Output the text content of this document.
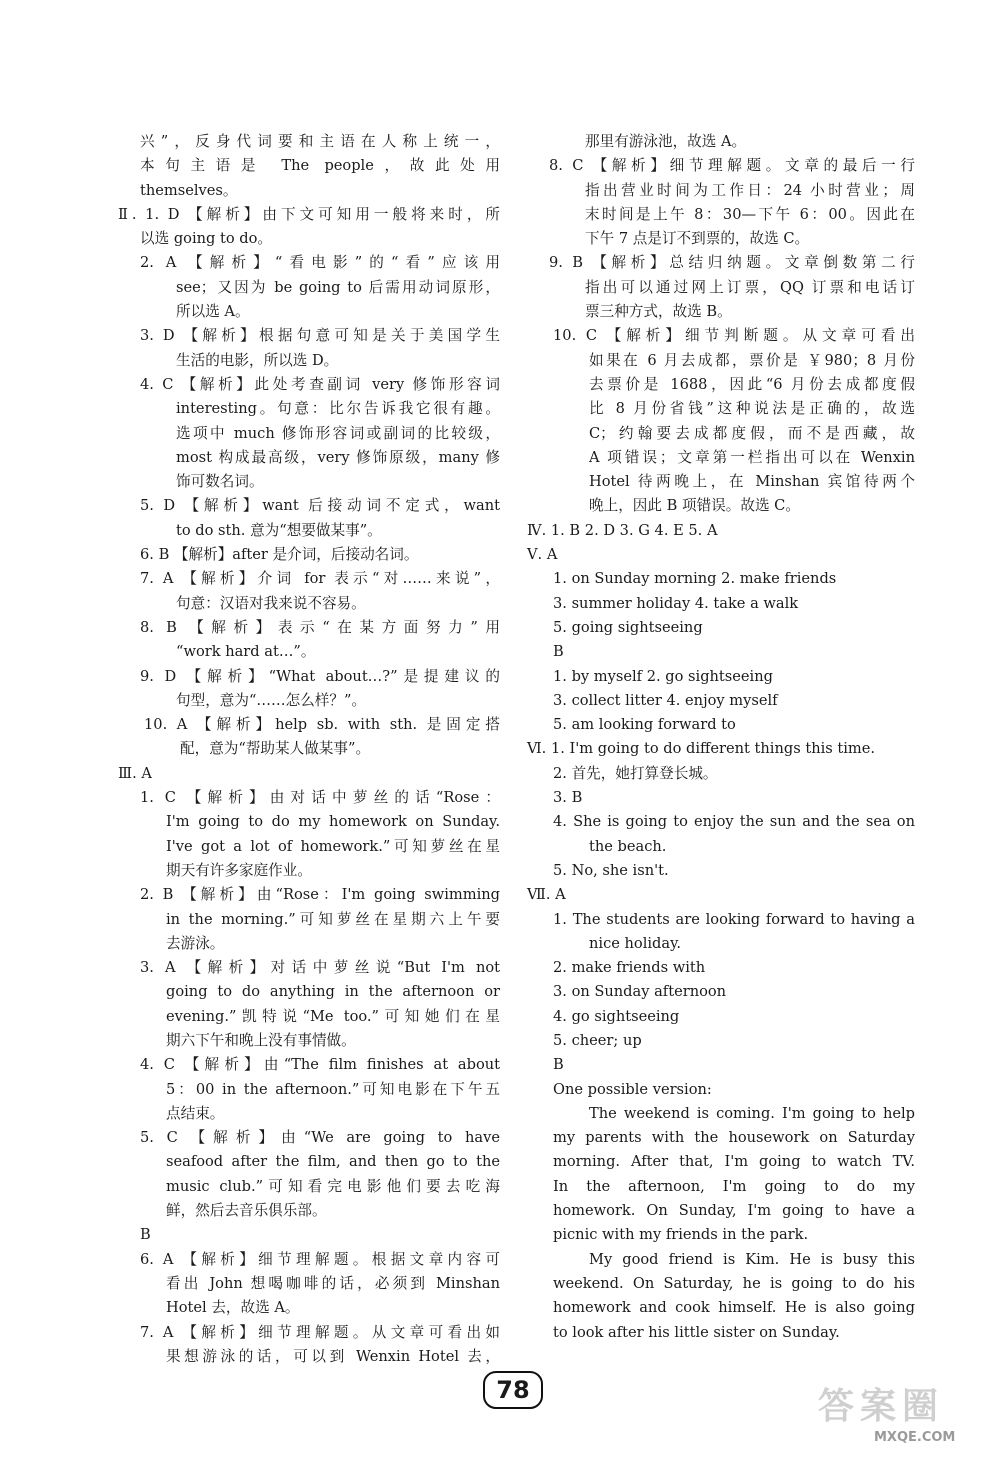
兴”，反身代词要和主语在人称上统一，
本句主语是 The people，故此处用
themselves。
Ⅱ. 1. D 【解析】由下文可知用一般将来时，所
以选 going to do。
2. A 【解析】“看电影”的“看”应该用
see；又因为 be going to 后需用动词原形，
所以选 A。
3. D 【解析】根据句意可知是关于美国学生
生活的电影，所以选 D。
4. C 【解析】此处考查副词 very 修饰形容词
interesting。句意：比尔告诉我它很有趣。
选项中 much 修饰形容词或副词的比较级，
most 构成最高级，very 修饰原级，many 修
饰可数名词。
5. D 【解析】want 后接动词不定式，want
to do sth. 意为“想要做某事”。
6. B 【解析】after 是介词，后接动名词。
7. A 【解析】介词 for 表示“对……来说”，
句意：汉语对我来说不容易。
8. B 【解析】表示“在某方面努力”用
“work hard at…”。
9. D 【解析】“What about…?”是提建议的
句型，意为“……怎么样？”。
10. A 【解析】help sb. with sth. 是固定搭
配，意为“帮助某人做某事”。
Ⅲ. A
1. C 【解析】由对话中萝丝的话“Rose：
I'm going to do my homework on Sunday.
I've got a lot of homework.”可知萝丝在星
期天有许多家庭作业。
2. B 【解析】由“Rose：I'm going swimming
in the morning.”可知萝丝在星期六上午要
去游泳。
3. A 【解析】对话中萝丝说“But I'm not
going to do anything in the afternoon or
evening.”凯特说“Me too.”可知她们在星
期六下午和晚上没有事情做。
4. C 【解析】由“The film finishes at about
5：00 in the afternoon.”可知电影在下午五
点结束。
5. C 【解析】由“We are going to have
seafood after the film, and then go to the
music club.”可知看完电影他们要去吃海
鲜，然后去音乐俱乐部。
B
6. A 【解析】细节理解题。根据文章内容可
看出 John 想喝咖啡的话，必须到 Minshan
Hotel 去，故选 A。
7. A 【解析】细节理解题。从文章可看出如
果想游泳的话，可以到 Wenxin Hotel 去，
那里有游泳池，故选 A。
8. C 【解析】细节理解题。文章的最后一行
指出营业时间为工作日：24 小时营业；周
末时间是上午 8：30—下午 6：00。因此在
下午 7 点是订不到票的，故选 C。
9. B 【解析】总结归纳题。文章倒数第二行
指出可以通过网上订票，QQ 订票和电话订
票三种方式，故选 B。
10. C 【解析】细节判断题。从文章可看出
如果在 6 月去成都，票价是 ￥980；8 月份
去票价是 1688，因此“6 月份去成都度假
比 8 月份省钱”这种说法是正确的，故选
C；约翰要去成都度假，而不是西藏，故
A 项错误；文章第一栏指出可以在 Wenxin
Hotel 待两晚上，在 Minshan 宾馆待两个
晚上，因此 B 项错误。故选 C。
Ⅳ. 1. B 2. D 3. G 4. E 5. A
Ⅴ. A
1. on Sunday morning 2. make friends
3. summer holiday 4. take a walk
5. going sightseeing
B
1. by myself 2. go sightseeing
3. collect litter 4. enjoy myself
5. am looking forward to
Ⅵ. 1. I'm going to do different things this time.
2. 首先，她打算登长城。
3. B
4. She is going to enjoy the sun and the sea on
the beach.
5. No, she isn't.
Ⅶ. A
1. The students are looking forward to having a
nice holiday.
2. make friends with
3. on Sunday afternoon
4. go sightseeing
5. cheer; up
B
One possible version:
The weekend is coming. I'm going to help
my parents with the housework on Saturday
morning. After that, I'm going to watch TV.
In the afternoon, I'm going to do my
homework. On Sunday, I'm going to have a
picnic with my friends in the park.
My good friend is Kim. He is busy this
weekend. On Saturday, he is going to do his
homework and cook himself. He is also going
to look after his little sister on Sunday.
78	答案圈
MXQE.COM
